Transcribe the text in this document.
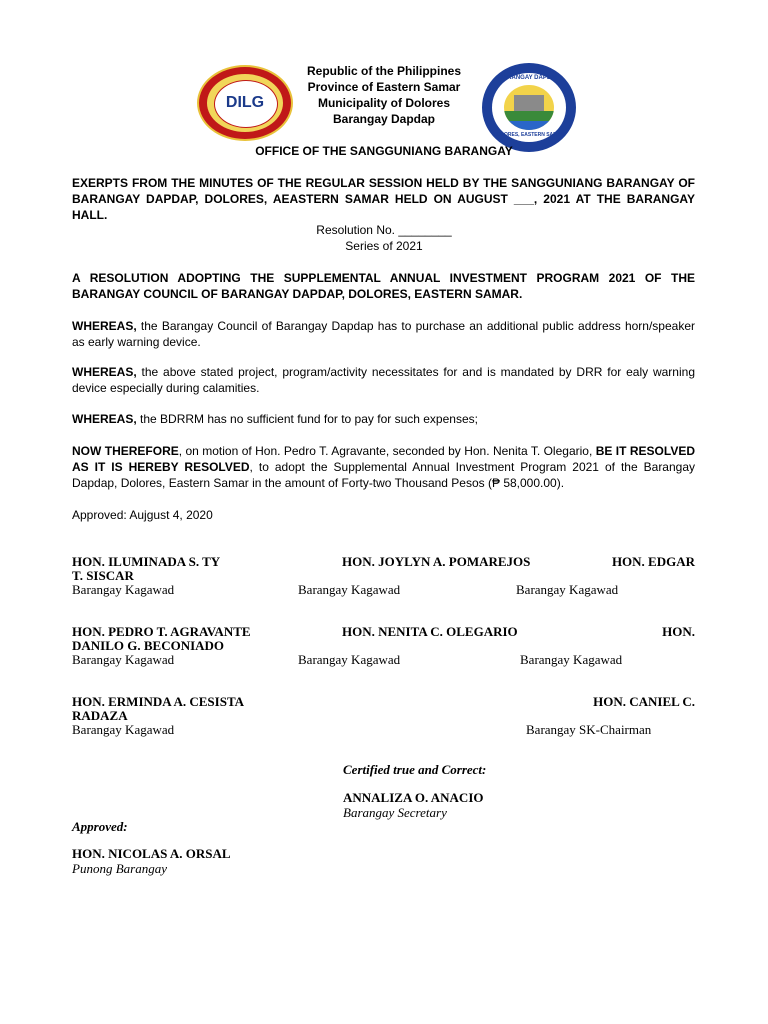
DILG
BARANGAY DAPDAP
DOLORES, EASTERN SAMAR
Republic of the Philippines
Province of Eastern Samar
Municipality of Dolores
Barangay Dapdap
OFFICE OF THE SANGGUNIANG BARANGAY
EXERPTS FROM THE MINUTES OF THE REGULAR SESSION HELD BY THE SANGGUNIANG BARANGAY OF BARANGAY DAPDAP, DOLORES, AEASTERN SAMAR HELD ON AUGUST ___, 2021 AT THE BARANGAY HALL.
Resolution No. ________
Series of 2021
A RESOLUTION ADOPTING THE SUPPLEMENTAL ANNUAL INVESTMENT PROGRAM 2021 OF THE BARANGAY COUNCIL OF BARANGAY DAPDAP, DOLORES, EASTERN SAMAR.
WHEREAS, the Barangay Council of Barangay Dapdap has to purchase an additional public address horn/speaker as early warning device.
WHEREAS, the above stated project, program/activity necessitates for and is mandated by DRR for ealy warning device especially during calamities.
WHEREAS, the BDRRM has no sufficient fund for to pay for such expenses;
NOW THEREFORE, on motion of Hon. Pedro T. Agravante, seconded by Hon. Nenita T. Olegario, BE IT RESOLVED AS IT IS HEREBY RESOLVED, to adopt the Supplemental Annual Investment Program 2021 of the Barangay Dapdap, Dolores, Eastern Samar in the amount of Forty-two Thousand Pesos (₱ 58,000.00).
Approved: Aujgust 4, 2020
HON. ILUMINADA S. TY	HON. JOYLYN A. POMAREJOS	HON. EDGAR
T. SISCAR
Barangay Kagawad	Barangay Kagawad	Barangay Kagawad
HON. PEDRO T. AGRAVANTE	HON. NENITA C. OLEGARIO	HON.
DANILO G. BECONIADO
Barangay Kagawad	Barangay Kagawad	Barangay Kagawad
HON. ERMINDA A. CESISTA	HON. CANIEL C.
RADAZA
Barangay Kagawad	Barangay SK-Chairman
Certified true and Correct:
ANNALIZA O. ANACIO
Barangay Secretary
Approved:
HON. NICOLAS A. ORSAL
Punong Barangay
